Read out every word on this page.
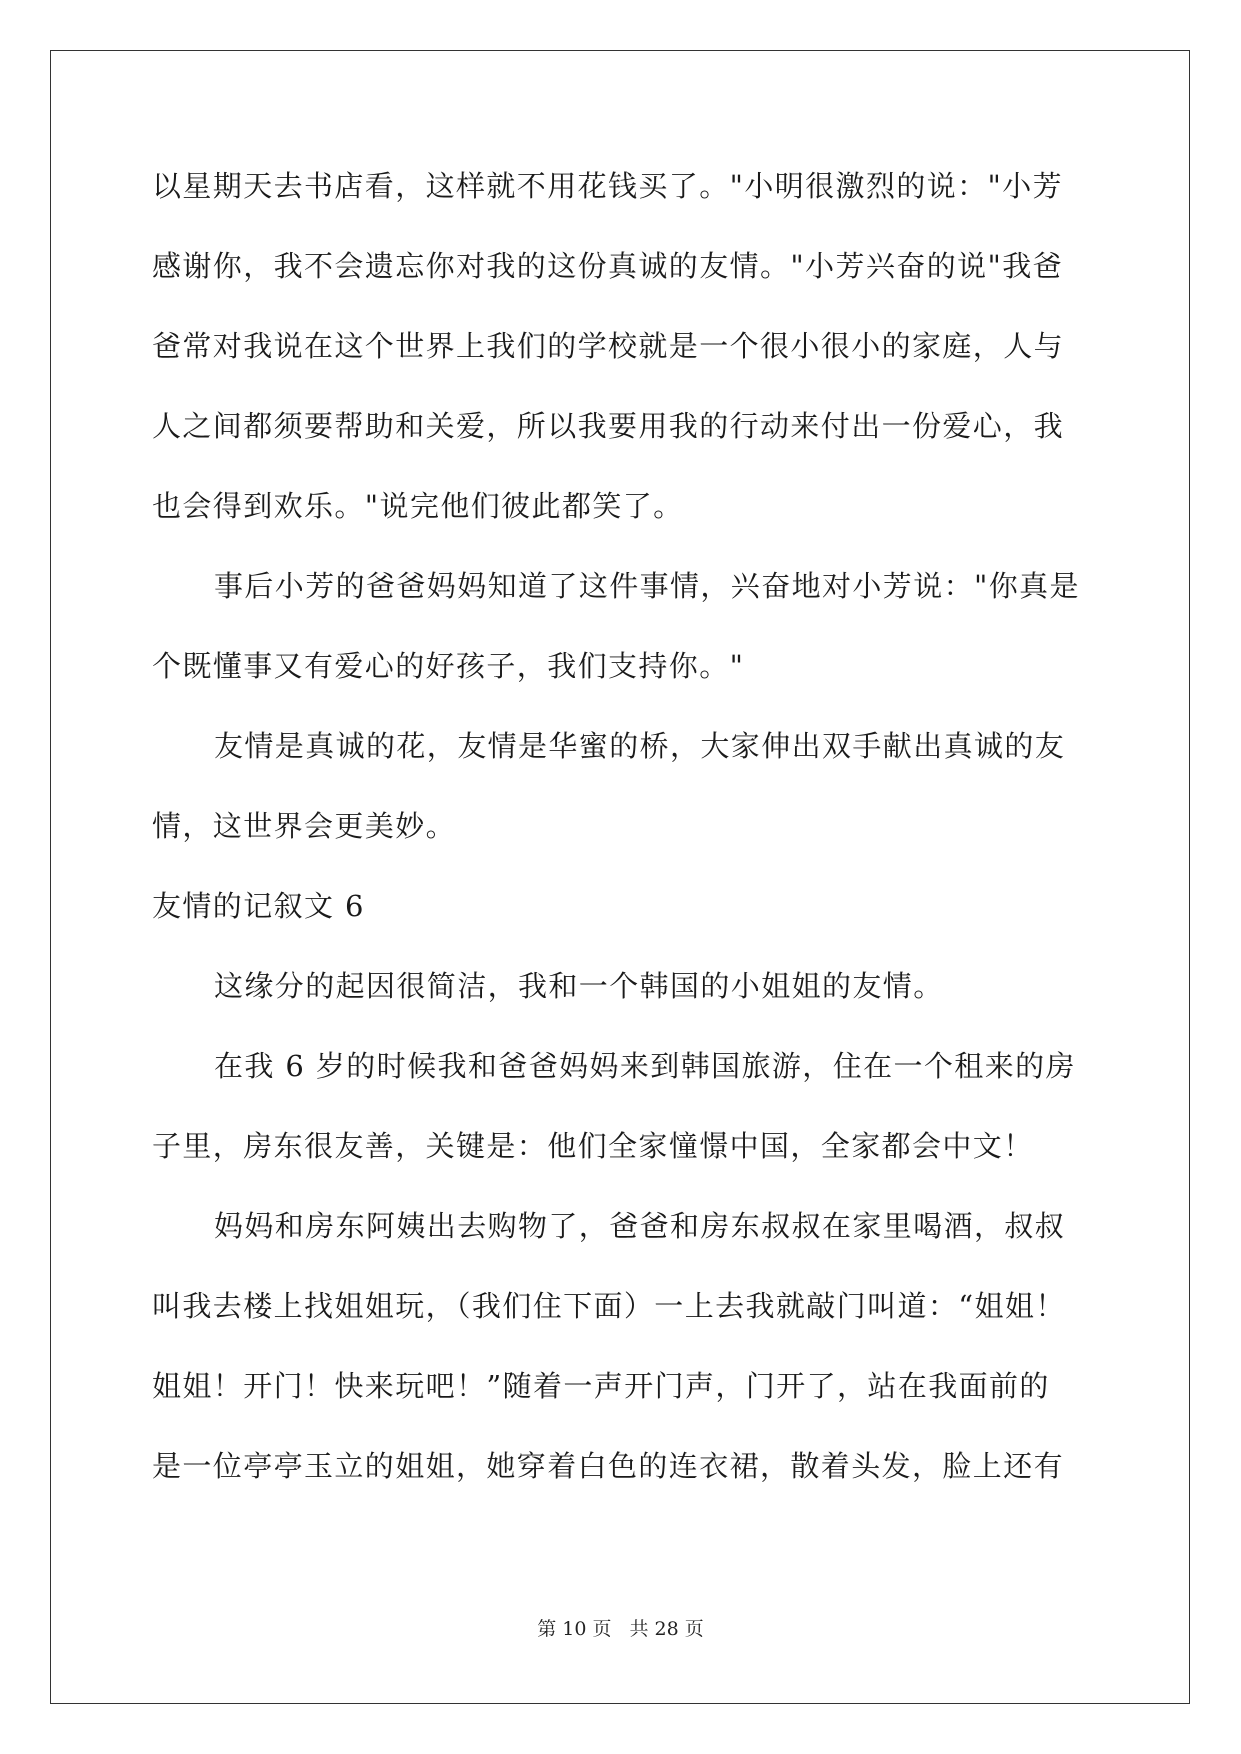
以星期天去书店看，这样就不用花钱买了。"小明很激烈的说："小芳
感谢你，我不会遗忘你对我的这份真诚的友情。"小芳兴奋的说"我爸
爸常对我说在这个世界上我们的学校就是一个很小很小的家庭，人与
人之间都须要帮助和关爱，所以我要用我的行动来付出一份爱心，我
也会得到欢乐。"说完他们彼此都笑了。
事后小芳的爸爸妈妈知道了这件事情，兴奋地对小芳说："你真是
个既懂事又有爱心的好孩子，我们支持你。"
友情是真诚的花，友情是华蜜的桥，大家伸出双手献出真诚的友
情，这世界会更美妙。
友情的记叙文 6
这缘分的起因很简洁，我和一个韩国的小姐姐的友情。
在我 6 岁的时候我和爸爸妈妈来到韩国旅游，住在一个租来的房
子里，房东很友善，关键是：他们全家憧憬中国，全家都会中文！
妈妈和房东阿姨出去购物了，爸爸和房东叔叔在家里喝酒，叔叔
叫我去楼上找姐姐玩，（我们住下面）一上去我就敲门叫道：“姐姐！
姐姐！开门！快来玩吧！”随着一声开门声，门开了，站在我面前的
是一位亭亭玉立的姐姐，她穿着白色的连衣裙，散着头发，脸上还有
第 10 页 共 28 页
